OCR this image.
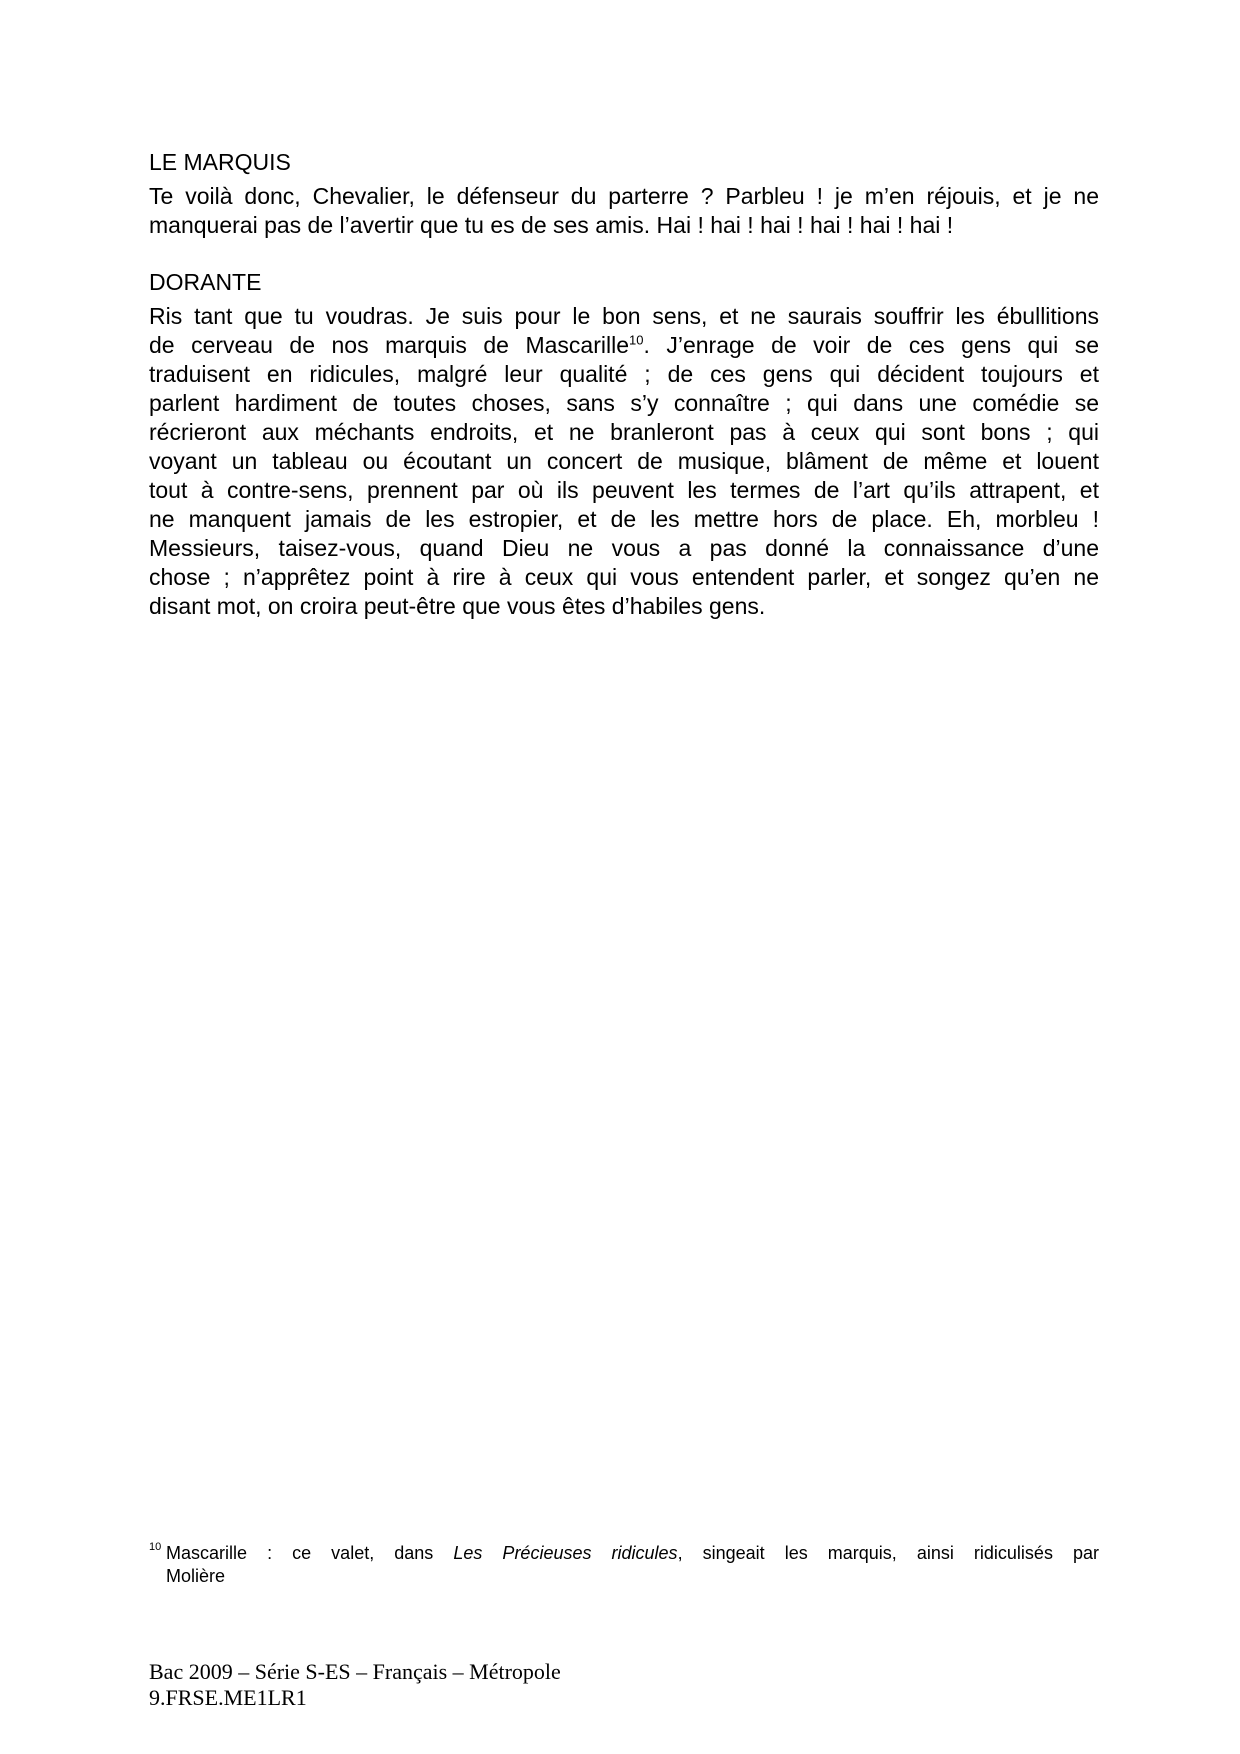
LE MARQUIS
Te voilà donc, Chevalier, le défenseur du parterre ? Parbleu ! je m’en réjouis, et je ne
manquerai pas de l’avertir que tu es de ses amis. Hai ! hai ! hai ! hai ! hai ! hai !
DORANTE
Ris tant que tu voudras. Je suis pour le bon sens, et ne saurais souffrir les ébullitions
de cerveau de nos marquis de Mascarille$^{10}$. J’enrage de voir de ces gens qui se
traduisent en ridicules, malgré leur qualité ; de ces gens qui décident toujours et
parlent hardiment de toutes choses, sans s’y connaître ; qui dans une comédie se
récrieront aux méchants endroits, et ne branleront pas à ceux qui sont bons ; qui
voyant un tableau ou écoutant un concert de musique, blâment de même et louent
tout à contre-sens, prennent par où ils peuvent les termes de l’art qu’ils attrapent, et
ne manquent jamais de les estropier, et de les mettre hors de place. Eh, morbleu !
Messieurs, taisez-vous, quand Dieu ne vous a pas donné la connaissance d’une
chose ; n’apprêtez point à rire à ceux qui vous entendent parler, et songez qu’en ne
disant mot, on croira peut-être que vous êtes d’habiles gens.
10 Mascarille : ce valet, dans Les Précieuses ridicules, singeait les marquis, ainsi ridiculisés par
Molière
Bac 2009 – Série S-ES – Français – Métropole
9.FRSE.ME1LR1
